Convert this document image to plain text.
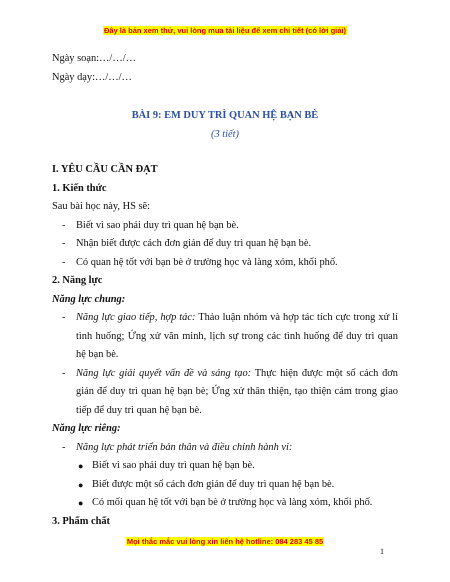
Đây là bản xem thử, vui lòng mua tài liệu để xem chi tiết (có lời giải)
Ngày soạn:…/…/…
Ngày dạy:…/…/…
BÀI 9: EM DUY TRÌ QUAN HỆ BẠN BÈ
(3 tiết)
I. YÊU CẦU CẦN ĐẠT
1. Kiến thức
Sau bài học này, HS sẽ:
- Biết vì sao phải duy trì quan hệ bạn bè.
- Nhận biết được cách đơn giản để duy trì quan hệ bạn bè.
- Có quan hệ tốt với bạn bè ở trường học và làng xóm, khối phố.
2. Năng lực
Năng lực chung:
- Năng lực giao tiếp, hợp tác: Thảo luận nhóm và hợp tác tích cực trong xử lí tình huống; Ứng xử văn minh, lịch sự trong các tình huống để duy trì quan hệ bạn bè.
- Năng lực giải quyết vấn đề và sáng tạo: Thực hiện được một số cách đơn giản để duy trì quan hệ bạn bè; Ứng xử thân thiện, tạo thiện cảm trong giao tiếp để duy trì quan hệ bạn bè.
Năng lực riêng:
- Năng lực phát triển bản thân và điều chỉnh hành vi:
● Biết vì sao phải duy trì quan hệ bạn bè.
● Biết được một số cách đơn giản để duy trì quan hệ bạn bè.
● Có mối quan hệ tốt với bạn bè ở trường học và làng xóm, khối phố.
3. Phẩm chất
Mọi thắc mắc vui lòng xin liên hệ hotline: 084 283 45 85
1
